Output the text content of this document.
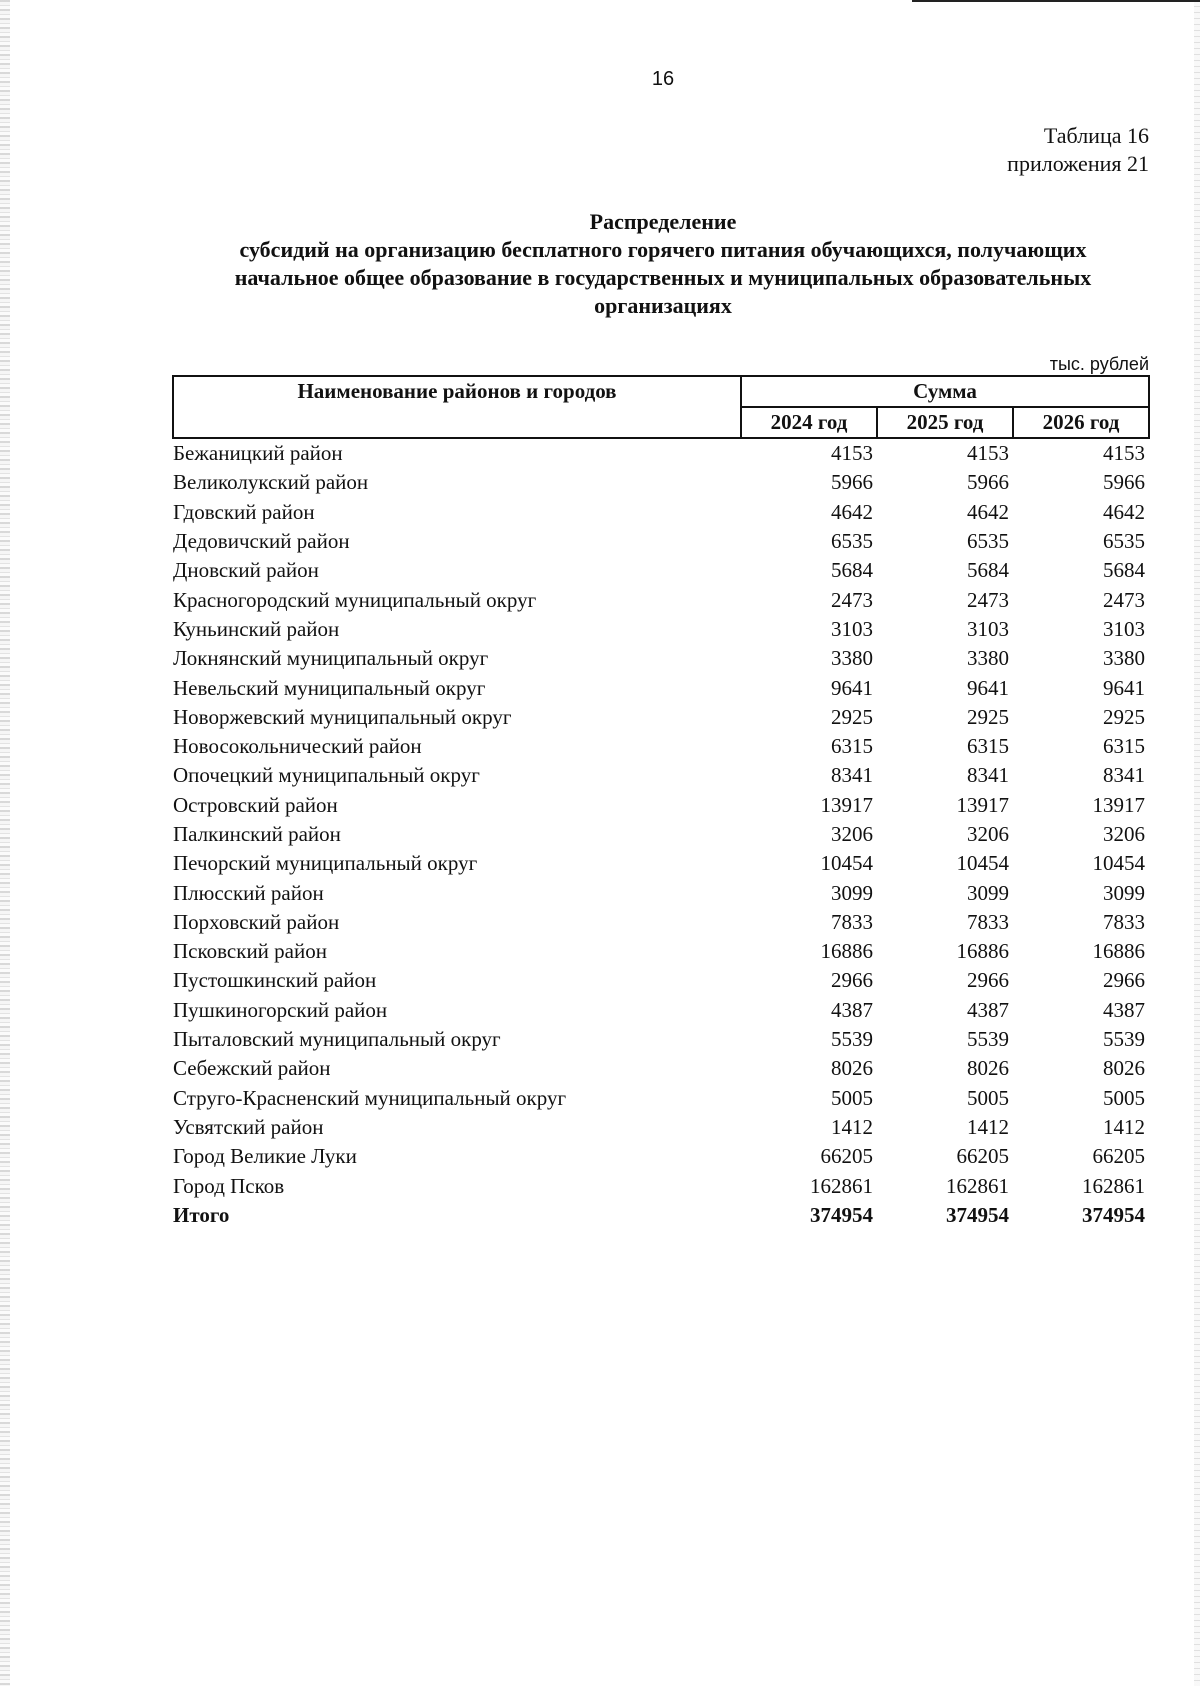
16
Таблица 16
приложения 21
Распределение
субсидий на организацию бесплатного горячего питания обучающихся, получающих
начальное общее образование в государственных и муниципальных образовательных
организациях
тыс. рублей
Наименование районов и городов	Сумма		
	2024 год	2025 год	2026 год
Бежаницкий район	4153	4153	4153
Великолукский район	5966	5966	5966
Гдовский район	4642	4642	4642
Дедовичский район	6535	6535	6535
Дновский район	5684	5684	5684
Красногородский муниципальный округ	2473	2473	2473
Куньинский район	3103	3103	3103
Локнянский муниципальный округ	3380	3380	3380
Невельский муниципальный округ	9641	9641	9641
Новоржевский муниципальный округ	2925	2925	2925
Новосокольнический район	6315	6315	6315
Опочецкий муниципальный округ	8341	8341	8341
Островский район	13917	13917	13917
Палкинский район	3206	3206	3206
Печорский муниципальный округ	10454	10454	10454
Плюсский район	3099	3099	3099
Порховский район	7833	7833	7833
Псковский район	16886	16886	16886
Пустошкинский район	2966	2966	2966
Пушкиногорский район	4387	4387	4387
Пыталовский муниципальный округ	5539	5539	5539
Себежский район	8026	8026	8026
Струго-Красненский муниципальный округ	5005	5005	5005
Усвятский район	1412	1412	1412
Город Великие Луки	66205	66205	66205
Город Псков	162861	162861	162861
Итого	374954	374954	374954
